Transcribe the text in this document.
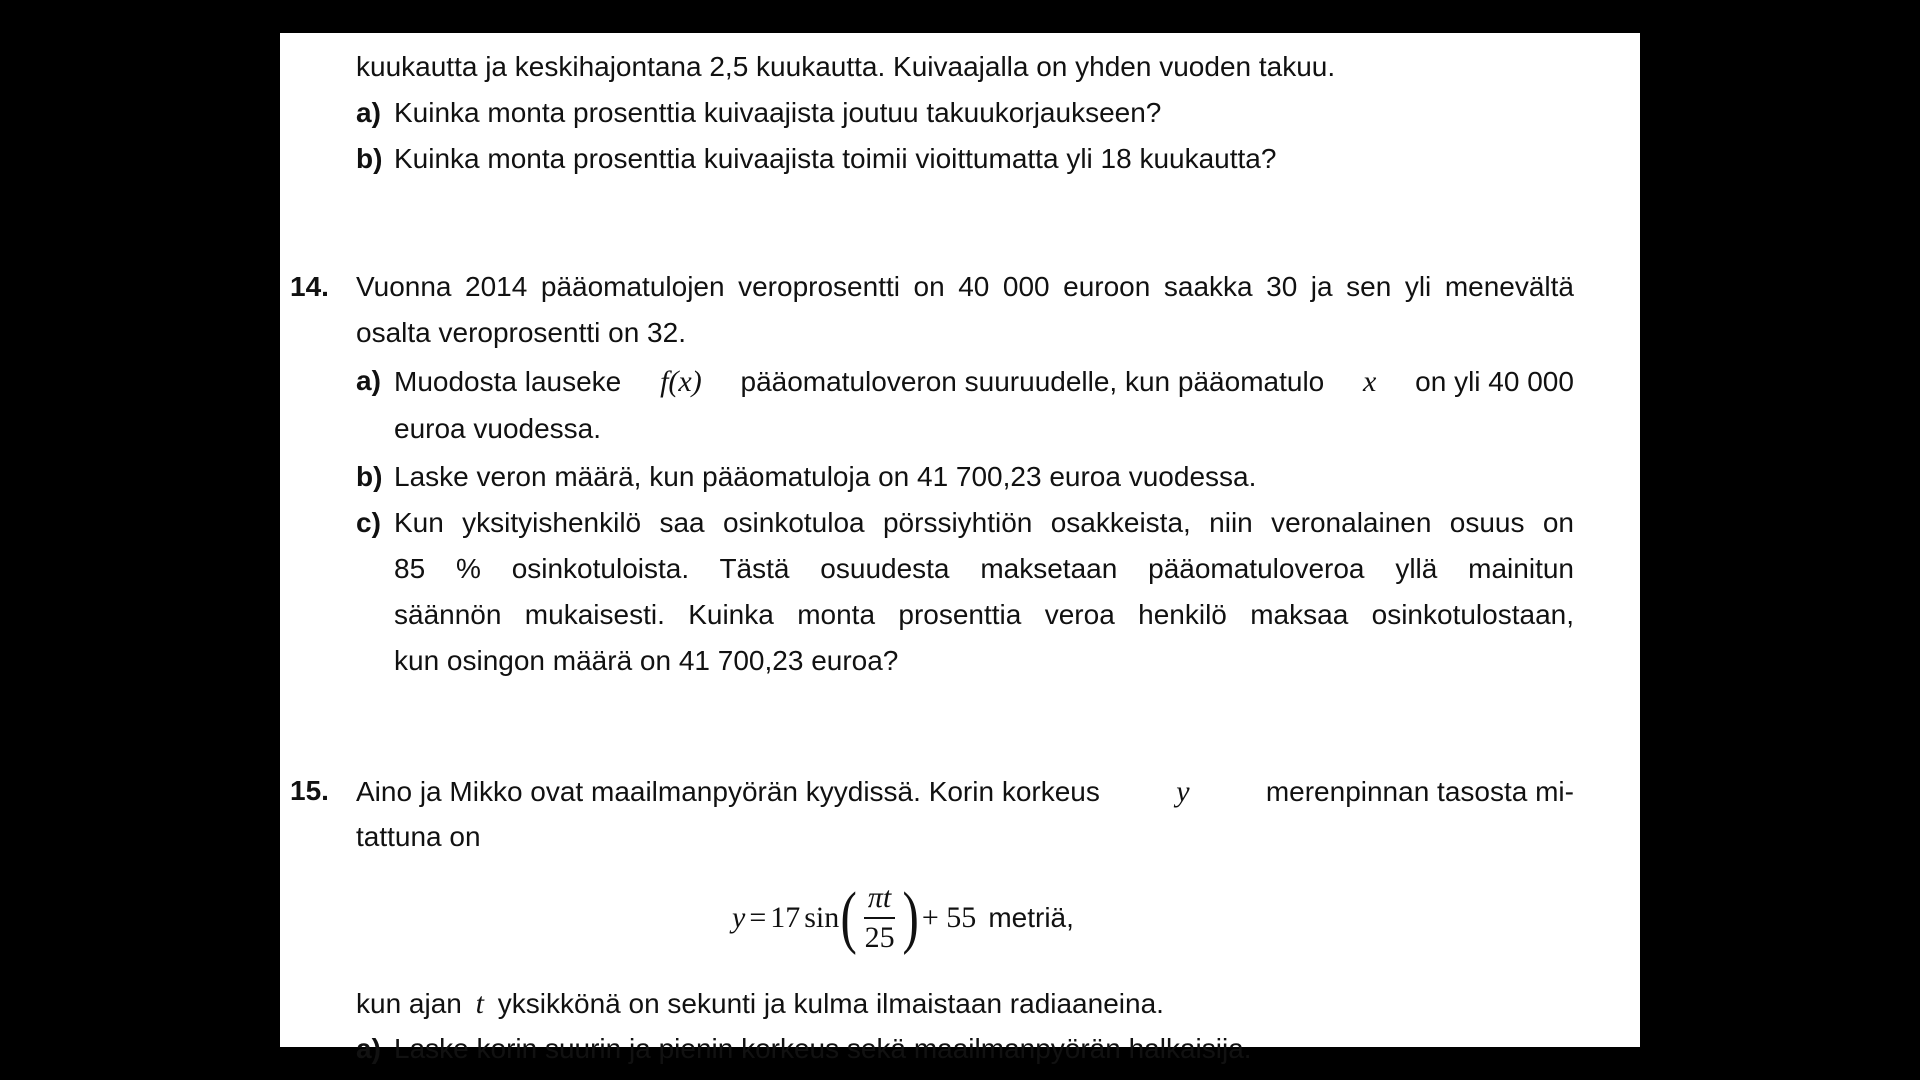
kuukautta ja keskihajontana 2,5 kuukautta. Kuivaajalla on yhden vuoden takuu.
a) Kuinka monta prosenttia kuivaajista joutuu takuukorjaukseen?
b) Kuinka monta prosenttia kuivaajista toimii vioittumatta yli 18 kuukautta?
14. Vuonna 2014 pääomatulojen veroprosentti on 40 000 euroon saakka 30 ja sen yli menevältä
osalta veroprosentti on 32.
a) Muodosta lauseke f(x) pääomatuloveron suuruudelle, kun pääomatulo x on yli 40 000
euroa vuodessa.
b) Laske veron määrä, kun pääomatuloja on 41 700,23 euroa vuodessa.
c) Kun yksityishenkilö saa osinkotuloa pörssiyhtiön osakkeista, niin veronalainen osuus on
85 % osinkotuloista. Tästä osuudesta maksetaan pääomatuloveroa yllä mainitun
säännön mukaisesti. Kuinka monta prosenttia veroa henkilö maksaa osinkotulostaan,
kun osingon määrä on 41 700,23 euroa?
15. Aino ja Mikko ovat maailmanpyörän kyydissä. Korin korkeus	y	merenpinnan tasosta mi-
tattuna on
y = 17 sin ( $\frac{\pi t}{25}$ ) + 55 metriä,
kun ajan t yksikkönä on sekunti ja kulma ilmaistaan radiaaneina.
a) Laske korin suurin ja pienin korkeus sekä maailmanpyörän halkaisija.
